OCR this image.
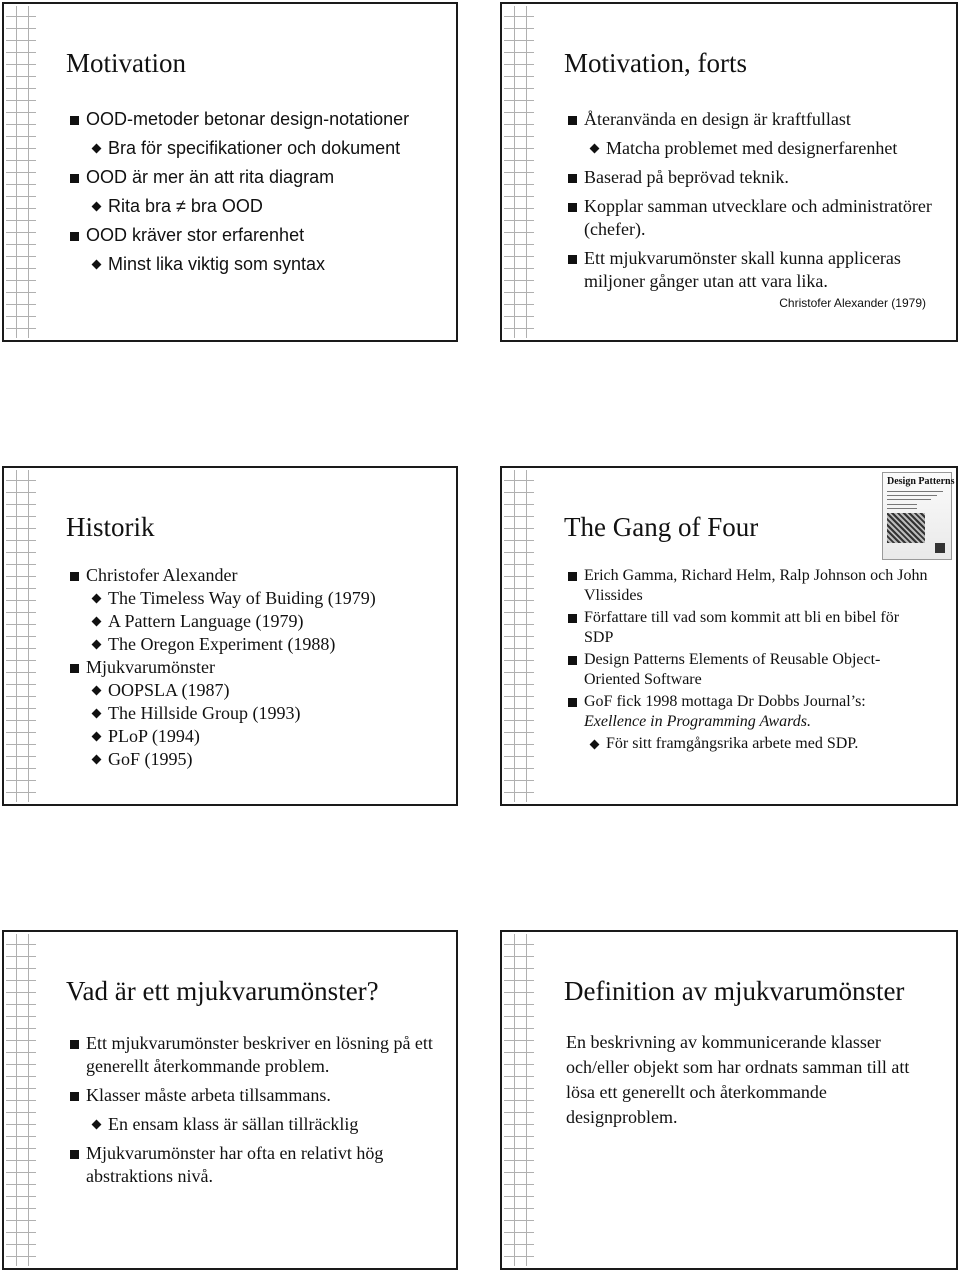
Motivation
OOD-metoder betonar design-notationer
Bra för specifikationer och dokument
OOD är mer än att rita diagram
Rita bra ≠ bra OOD
OOD kräver stor erfarenhet
Minst lika viktig som syntax
Motivation, forts
Återanvända en design är kraftfullast
Matcha problemet med designerfarenhet
Baserad på beprövad teknik.
Kopplar samman utvecklare och administratörer (chefer).
Ett mjukvarumönster skall kunna appliceras miljoner gånger utan att vara lika.
Christofer Alexander (1979)
Historik
Christofer Alexander
The Timeless Way of Buiding (1979)
A Pattern Language (1979)
The Oregon Experiment (1988)
Mjukvarumönster
OOPSLA (1987)
The Hillside Group (1993)
PLoP (1994)
GoF (1995)
Design Patterns
The Gang of Four
Erich Gamma, Richard Helm, Ralp Johnson och John Vlissides
Författare till vad som kommit att bli en bibel för SDP
Design Patterns Elements of Reusable Object-Oriented Software
GoF fick 1998 mottaga Dr Dobbs Journal’s:
Exellence in Programming Awards.
För sitt framgångsrika arbete med SDP.
Vad är ett mjukvarumönster?
Ett mjukvarumönster beskriver en lösning på ett generellt återkommande problem.
Klasser måste arbeta tillsammans.
En ensam klass är sällan tillräcklig
Mjukvarumönster har ofta en relativt hög abstraktions nivå.
Definition av mjukvarumönster
En beskrivning av kommunicerande klasser och/eller objekt som har ordnats samman till att lösa ett generellt och återkommande designproblem.
